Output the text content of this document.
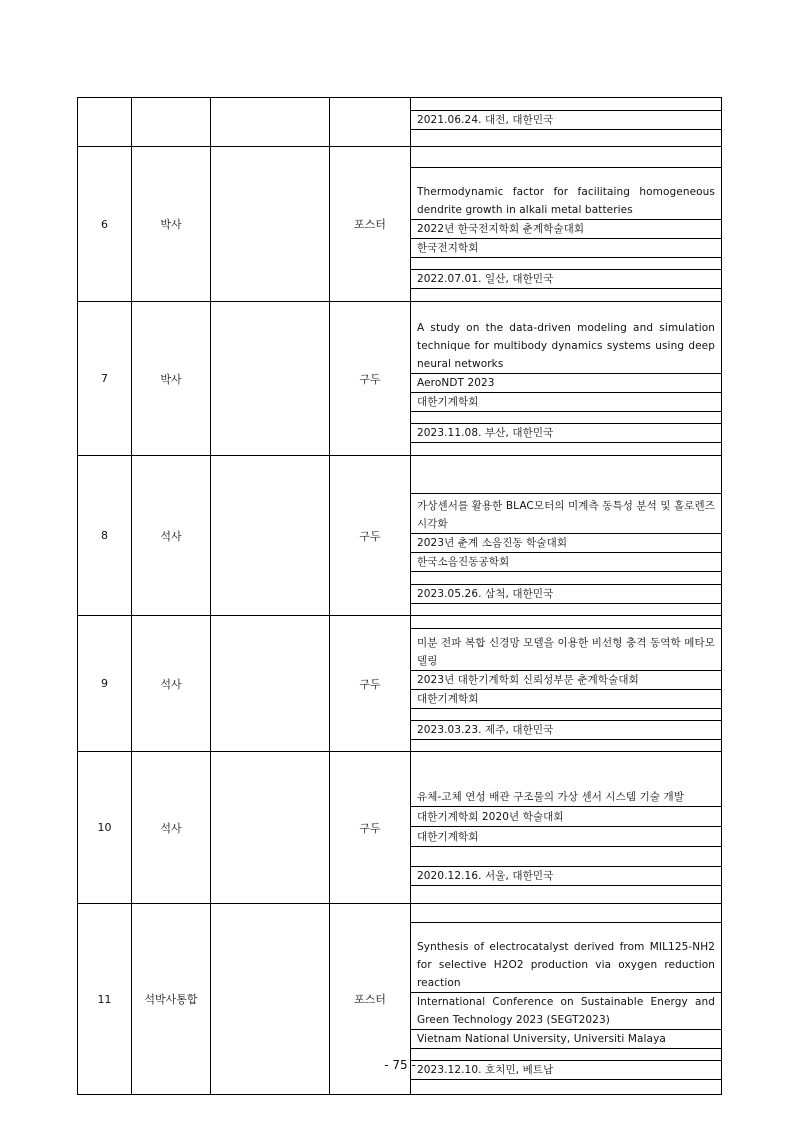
2021.06.24. 대전, 대한민국

6	박사		포스터	

Thermodynamic factor for facilitaing homogeneous dendrite growth in alkali metal batteries
2022년 한국전지학회 춘계학술대회
한국전지학회

2022.07.01. 일산, 대한민국

7	박사		구두	
A study on the data-driven modeling and simulation technique for multibody dynamics systems using deep neural networks
AeroNDT 2023
대한기계학회

2023.11.08. 부산, 대한민국

8	석사		구두	

가상센서를 활용한 BLAC모터의 미계측 동특성 분석 및 홀로렌즈 시각화
2023년 춘계 소음진동 학술대회
한국소음진동공학회

2023.05.26. 삼척, 대한민국

9	석사		구두	

미분 전파 복합 신경망 모델을 이용한 비선형 충격 동역학 메타모델링
2023년 대한기계학회 신뢰성부문 춘계학술대회
대한기계학회

2023.03.23. 제주, 대한민국

10	석사		구두	
유체-고체 연성 배관 구조물의 가상 센서 시스템 기술 개발
대한기계학회 2020년 학술대회
대한기계학회

2020.12.16. 서울, 대한민국

11	석박사통합		포스터	

Synthesis of electrocatalyst derived from MIL125-NH2 for selective H2O2 production via oxygen reduction reaction
International Conference on Sustainable Energy and Green Technology 2023 (SEGT2023)
Vietnam National University, Universiti Malaya

2023.12.10. 호치민, 베트남

- 75 -
